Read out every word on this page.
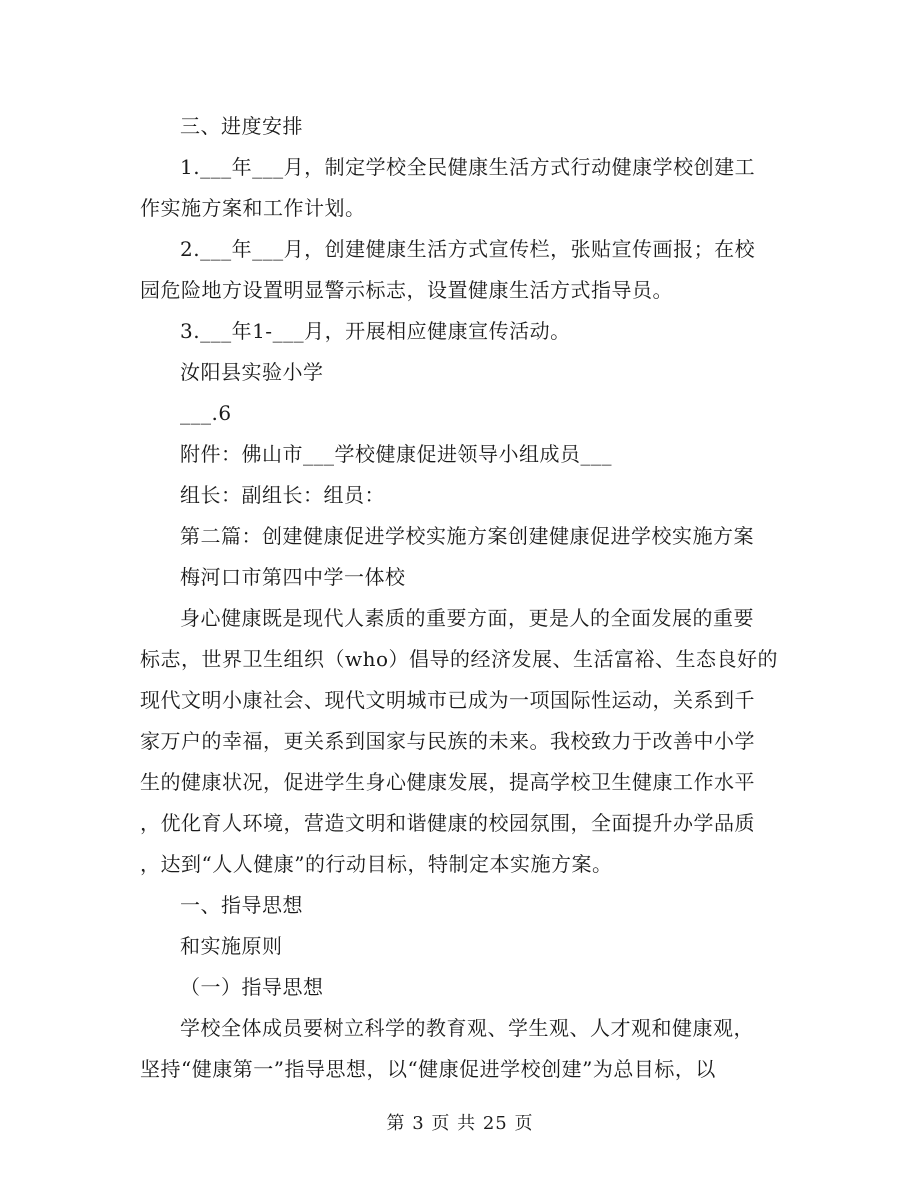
三、进度安排
1.___年___月，制定学校全民健康生活方式行动健康学校创建工
作实施方案和工作计划。
2.___年___月，创建健康生活方式宣传栏，张贴宣传画报；在校
园危险地方设置明显警示标志，设置健康生活方式指导员。
3.___年1-___月，开展相应健康宣传活动。
汝阳县实验小学
___.6
附件：佛山市___学校健康促进领导小组成员___
组长：副组长：组员：
第二篇：创建健康促进学校实施方案创建健康促进学校实施方案
梅河口市第四中学一体校
身心健康既是现代人素质的重要方面，更是人的全面发展的重要
标志，世界卫生组织（who）倡导的经济发展、生活富裕、生态良好的
现代文明小康社会、现代文明城市已成为一项国际性运动，关系到千
家万户的幸福，更关系到国家与民族的未来。我校致力于改善中小学
生的健康状况，促进学生身心健康发展，提高学校卫生健康工作水平
，优化育人环境，营造文明和谐健康的校园氛围，全面提升办学品质
，达到“人人健康”的行动目标，特制定本实施方案。
一、指导思想
和实施原则
（一）指导思想
学校全体成员要树立科学的教育观、学生观、人才观和健康观，
坚持“健康第一”指导思想，以“健康促进学校创建”为总目标，以
第 3 页 共 25 页
